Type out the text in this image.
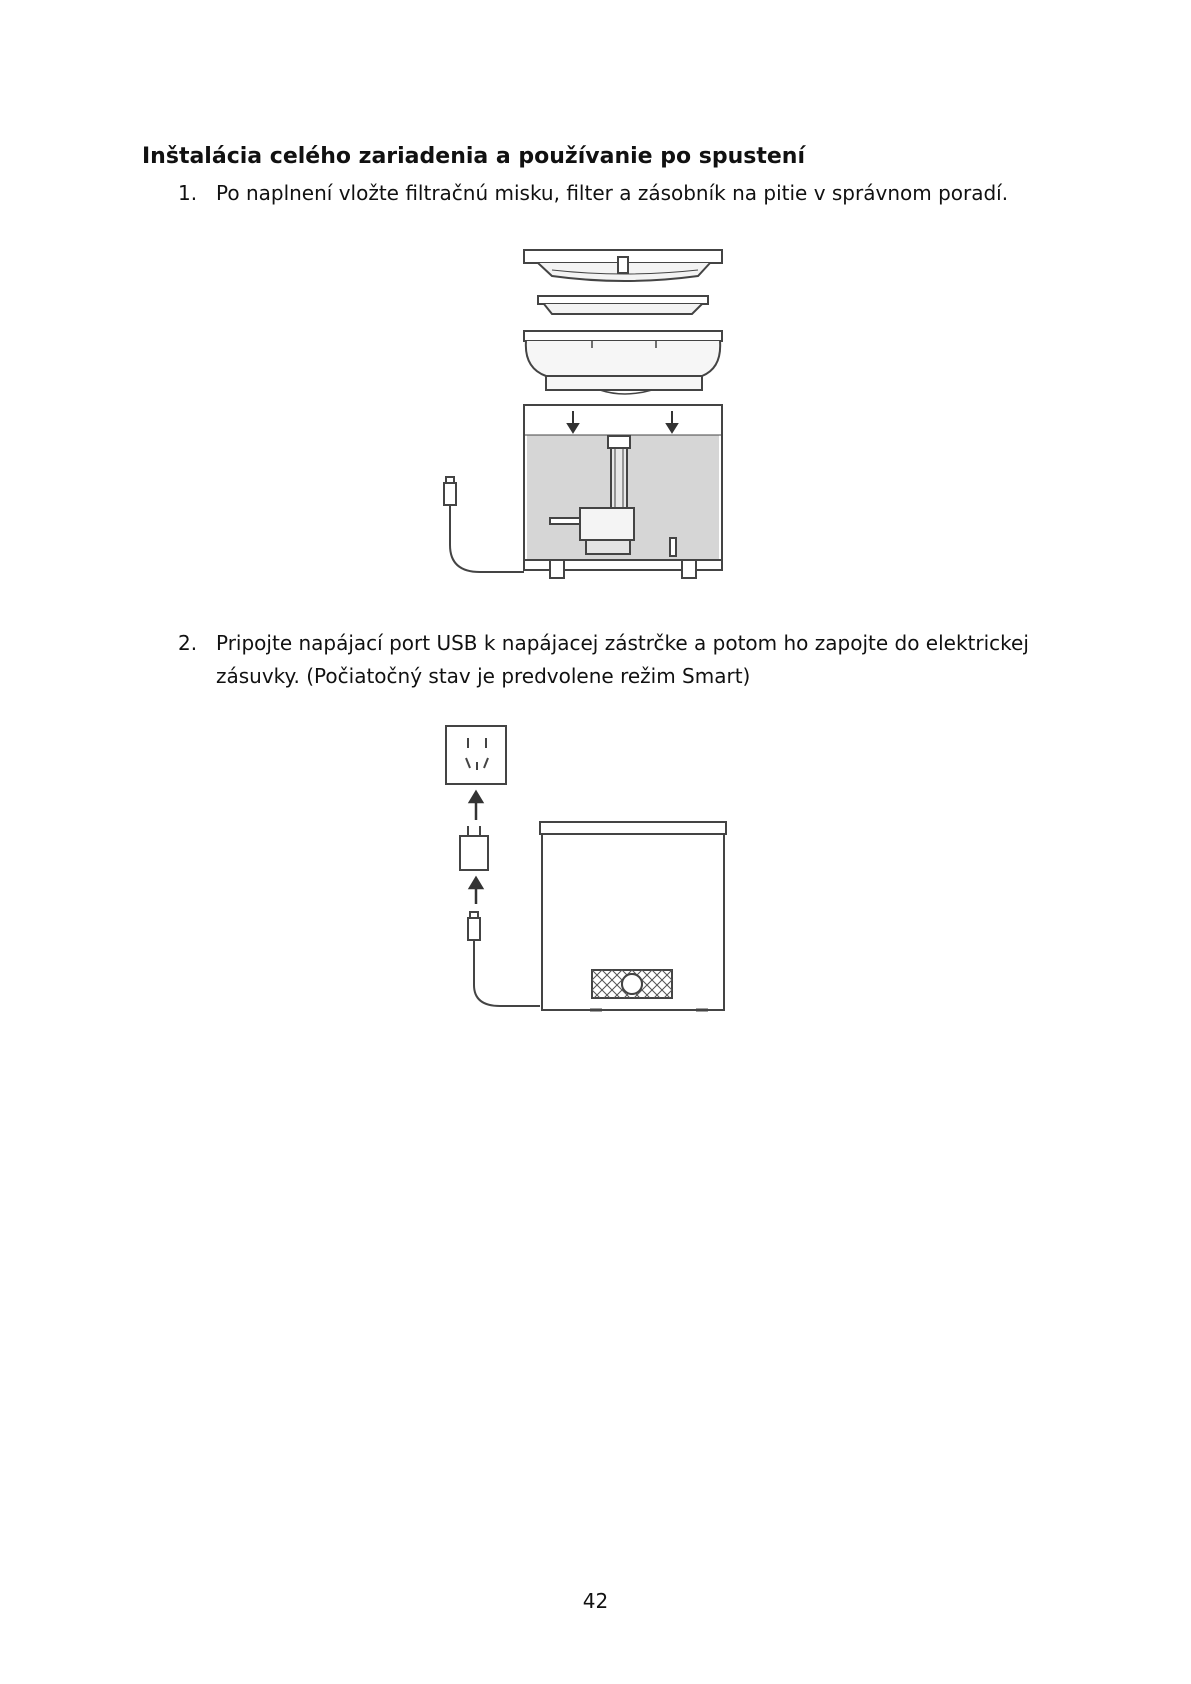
Inštalácia celého zariadenia a používanie po spustení
1. Po naplnení vložte filtračnú misku, filter a zásobník na pitie v správnom poradí.
2. Pripojte napájací port USB k napájacej zástrčke a potom ho zapojte do elektrickej
zásuvky. (Počiatočný stav je predvolene režim Smart)
42
